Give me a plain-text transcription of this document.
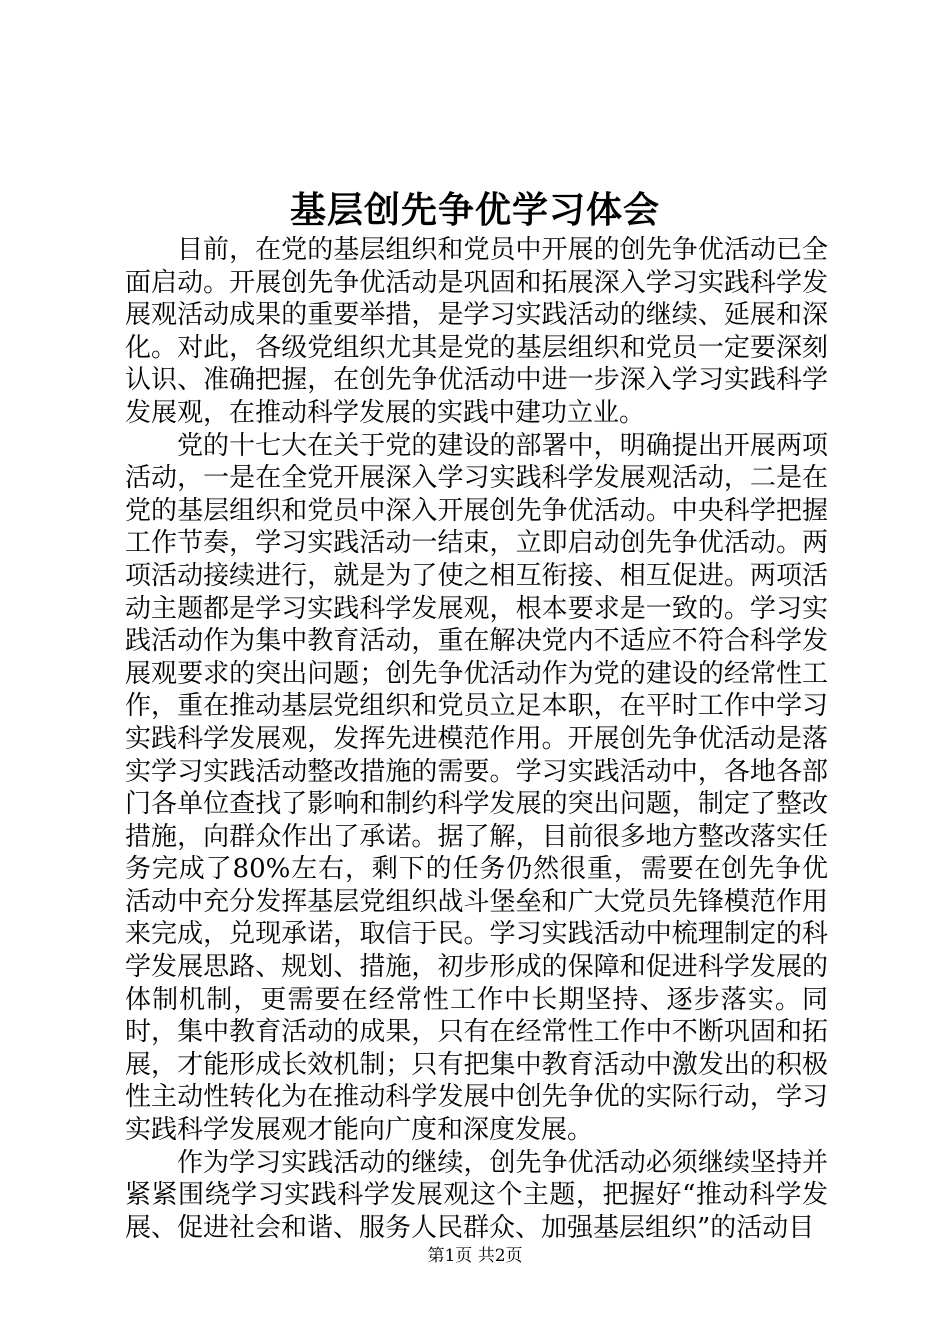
基层创先争优学习体会

目前，在党的基层组织和党员中开展的创先争优活动已全面启动。开展创先争优活动是巩固和拓展深入学习实践科学发展观活动成果的重要举措，是学习实践活动的继续、延展和深化。对此，各级党组织尤其是党的基层组织和党员一定要深刻认识、准确把握，在创先争优活动中进一步深入学习实践科学发展观，在推动科学发展的实践中建功立业。

党的十七大在关于党的建设的部署中，明确提出开展两项活动，一是在全党开展深入学习实践科学发展观活动，二是在党的基层组织和党员中深入开展创先争优活动。中央科学把握工作节奏，学习实践活动一结束，立即启动创先争优活动。两项活动接续进行，就是为了使之相互衔接、相互促进。两项活动主题都是学习实践科学发展观，根本要求是一致的。学习实践活动作为集中教育活动，重在解决党内不适应不符合科学发展观要求的突出问题；创先争优活动作为党的建设的经常性工作，重在推动基层党组织和党员立足本职，在平时工作中学习实践科学发展观，发挥先进模范作用。开展创先争优活动是落实学习实践活动整改措施的需要。学习实践活动中，各地各部门各单位查找了影响和制约科学发展的突出问题，制定了整改措施，向群众作出了承诺。据了解，目前很多地方整改落实任务完成了80%左右，剩下的任务仍然很重，需要在创先争优活动中充分发挥基层党组织战斗堡垒和广大党员先锋模范作用来完成，兑现承诺，取信于民。学习实践活动中梳理制定的科学发展思路、规划、措施，初步形成的保障和促进科学发展的体制机制，更需要在经常性工作中长期坚持、逐步落实。同时，集中教育活动的成果，只有在经常性工作中不断巩固和拓展，才能形成长效机制；只有把集中教育活动中激发出的积极性主动性转化为在推动科学发展中创先争优的实际行动，学习实践科学发展观才能向广度和深度发展。

作为学习实践活动的继续，创先争优活动必须继续坚持并紧紧围绕学习实践科学发展观这个主题，把握好“推动科学发展、促进社会和谐、服务人民群众、加强基层组织”的活动目

第1页 共2页
